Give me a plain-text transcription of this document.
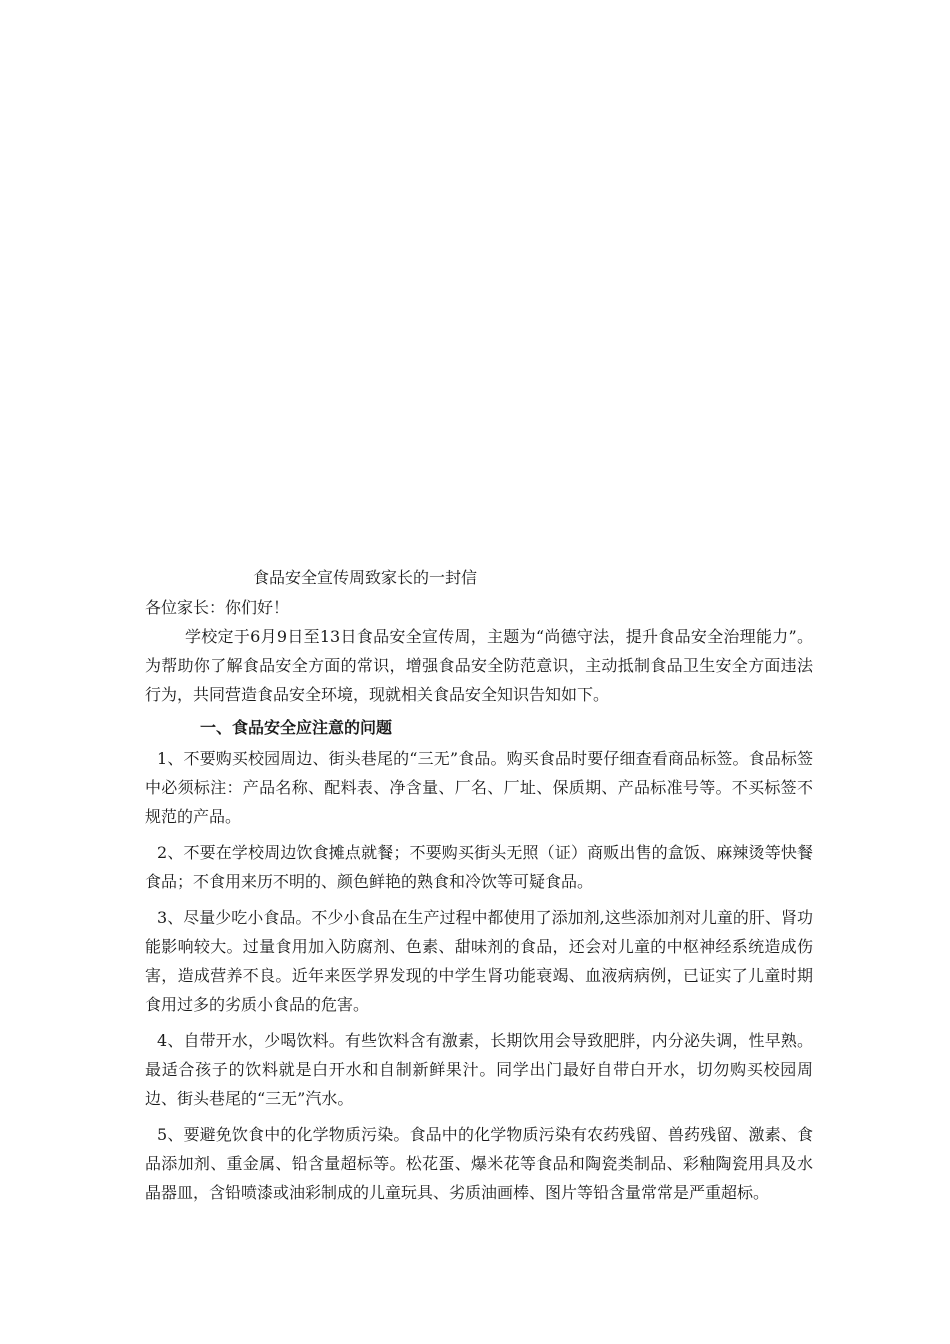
食品安全宣传周致家长的一封信
各位家长：你们好！

学校定于6月9日至13日食品安全宣传周，主题为“尚德守法，提升食品安全治理能力”。为帮助你了解食品安全方面的常识，增强食品安全防范意识，主动抵制食品卫生安全方面违法行为，共同营造食品安全环境，现就相关食品安全知识告知如下。

一、食品安全应注意的问题

1、不要购买校园周边、街头巷尾的“三无”食品。购买食品时要仔细查看商品标签。食品标签中必须标注：产品名称、配料表、净含量、厂名、厂址、保质期、产品标准号等。不买标签不规范的产品。

2、不要在学校周边饮食摊点就餐；不要购买街头无照（证）商贩出售的盒饭、麻辣烫等快餐食品；不食用来历不明的、颜色鲜艳的熟食和冷饮等可疑食品。

3、尽量少吃小食品。不少小食品在生产过程中都使用了添加剂,这些添加剂对儿童的肝、肾功能影响较大。过量食用加入防腐剂、色素、甜味剂的食品，还会对儿童的中枢神经系统造成伤害，造成营养不良。近年来医学界发现的中学生肾功能衰竭、血液病病例，已证实了儿童时期食用过多的劣质小食品的危害。

4、自带开水，少喝饮料。有些饮料含有激素，长期饮用会导致肥胖，内分泌失调，性早熟。最适合孩子的饮料就是白开水和自制新鲜果汁。同学出门最好自带白开水，切勿购买校园周边、街头巷尾的“三无”汽水。

5、要避免饮食中的化学物质污染。食品中的化学物质污染有农药残留、兽药残留、激素、食品添加剂、重金属、铅含量超标等。松花蛋、爆米花等食品和陶瓷类制品、彩釉陶瓷用具及水晶器皿，含铅喷漆或油彩制成的儿童玩具、劣质油画棒、图片等铅含量常常是严重超标。
